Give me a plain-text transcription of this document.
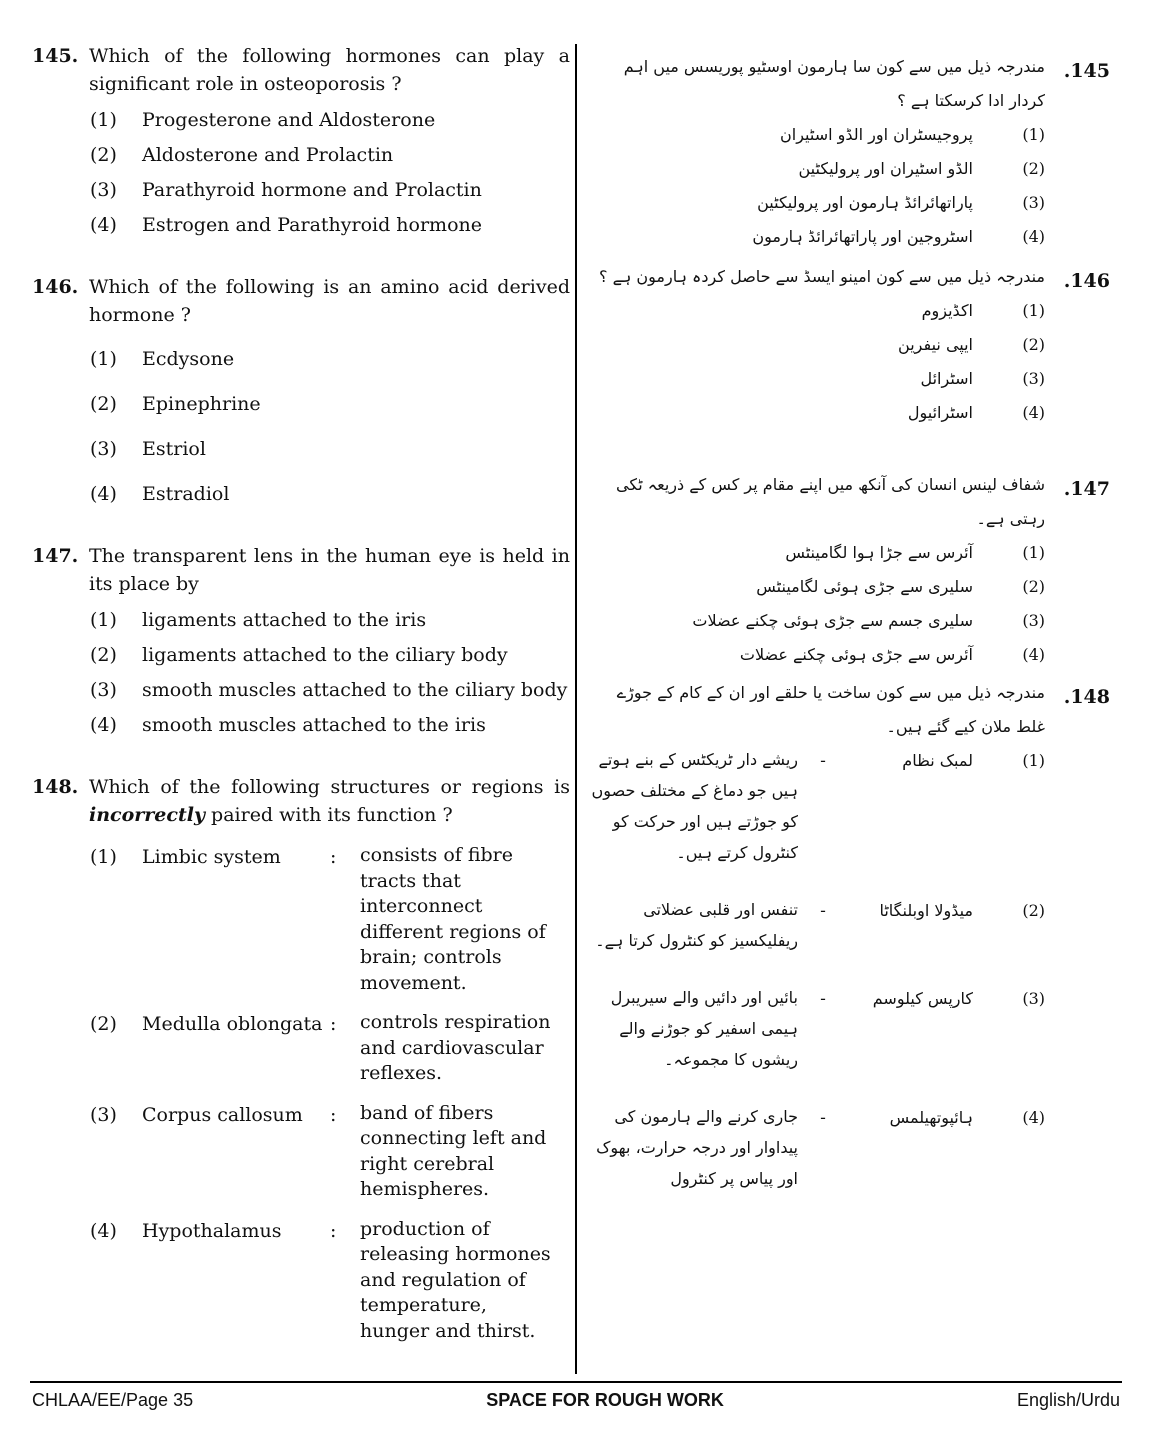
145. Which of the following hormones can play a significant role in osteoporosis ?
(1)	Progesterone and Aldosterone
(2)	Aldosterone and Prolactin
(3)	Parathyroid hormone and Prolactin
(4)	Estrogen and Parathyroid hormone
146. Which of the following is an amino acid derived hormone ?
(1)	Ecdysone
(2)	Epinephrine
(3)	Estriol
(4)	Estradiol
147. The transparent lens in the human eye is held in its place by
(1)	ligaments attached to the iris
(2)	ligaments attached to the ciliary body
(3)	smooth muscles attached to the ciliary body
(4)	smooth muscles attached to the iris
148. Which of the following structures or regions is incorrectly paired with its function ?
(1)	Limbic system	:	consists of fibre tracts that interconnect different regions of brain; controls movement.
(2)	Medulla oblongata :	controls respiration and cardiovascular reflexes.
(3)	Corpus callosum	:	band of fibers connecting left and right cerebral hemispheres.
(4)	Hypothalamus	:	production of releasing hormones and regulation of temperature, hunger and thirst.
.145
مندرجہ ذیل میں سے کون سا ہارمون اوسٹیو پوریسس میں اہم کردار ادا کرسکتا ہے ؟
(1)
پروجیسٹران اور الڈو اسٹیران
(2)
الڈو اسٹیران اور پرولیکٹین
(3)
پاراتھائرائڈ ہارمون اور پرولیکٹین
(4)
اسٹروجین اور پاراتھائرائڈ ہارمون
.146
مندرجہ ذیل میں سے کون امینو ایسڈ سے حاصل کردہ ہارمون ہے ؟
(1)
اکڈیزوم
(2)
ایپی نیفرین
(3)
اسٹرائل
(4)
اسٹرائیول
.147
شفاف لینس انسان کی آنکھ میں اپنے مقام پر کس کے ذریعہ ٹکی رہتی ہے۔
(1)
آئرس سے جڑا ہوا لگامینٹس
(2)
سلیری سے جڑی ہوئی لگامینٹس
(3)
سلیری جسم سے جڑی ہوئی چکنے عضلات
(4)
آئرس سے جڑی ہوئی چکنے عضلات
.148
مندرجہ ذیل میں سے کون ساخت یا حلقے اور ان کے کام کے جوڑے غلط ملان کیے گئے ہیں۔
(1)
لمبک نظام
-
ریشے دار ٹریکٹس کے بنے ہوتے ہیں جو دماغ کے مختلف حصوں کو جوڑتے ہیں اور حرکت کو کنٹرول کرتے ہیں۔
(2)
میڈولا اوبلنگاٹا
-
تنفس اور قلبی عضلاتی ریفلیکسیز کو کنٹرول کرتا ہے۔
(3)
کارپس کیلوسم
-
بائیں اور دائیں والے سیریبرل ہیمی اسفیر کو جوڑنے والے ریشوں کا مجموعہ۔
(4)
ہائپوتھیلمس
-
جاری کرنے والے ہارمون کی پیداوار اور درجہ حرارت، بھوک اور پیاس پر کنٹرول
CHLAA/EE/Page 35	SPACE FOR ROUGH WORK	English/Urdu
